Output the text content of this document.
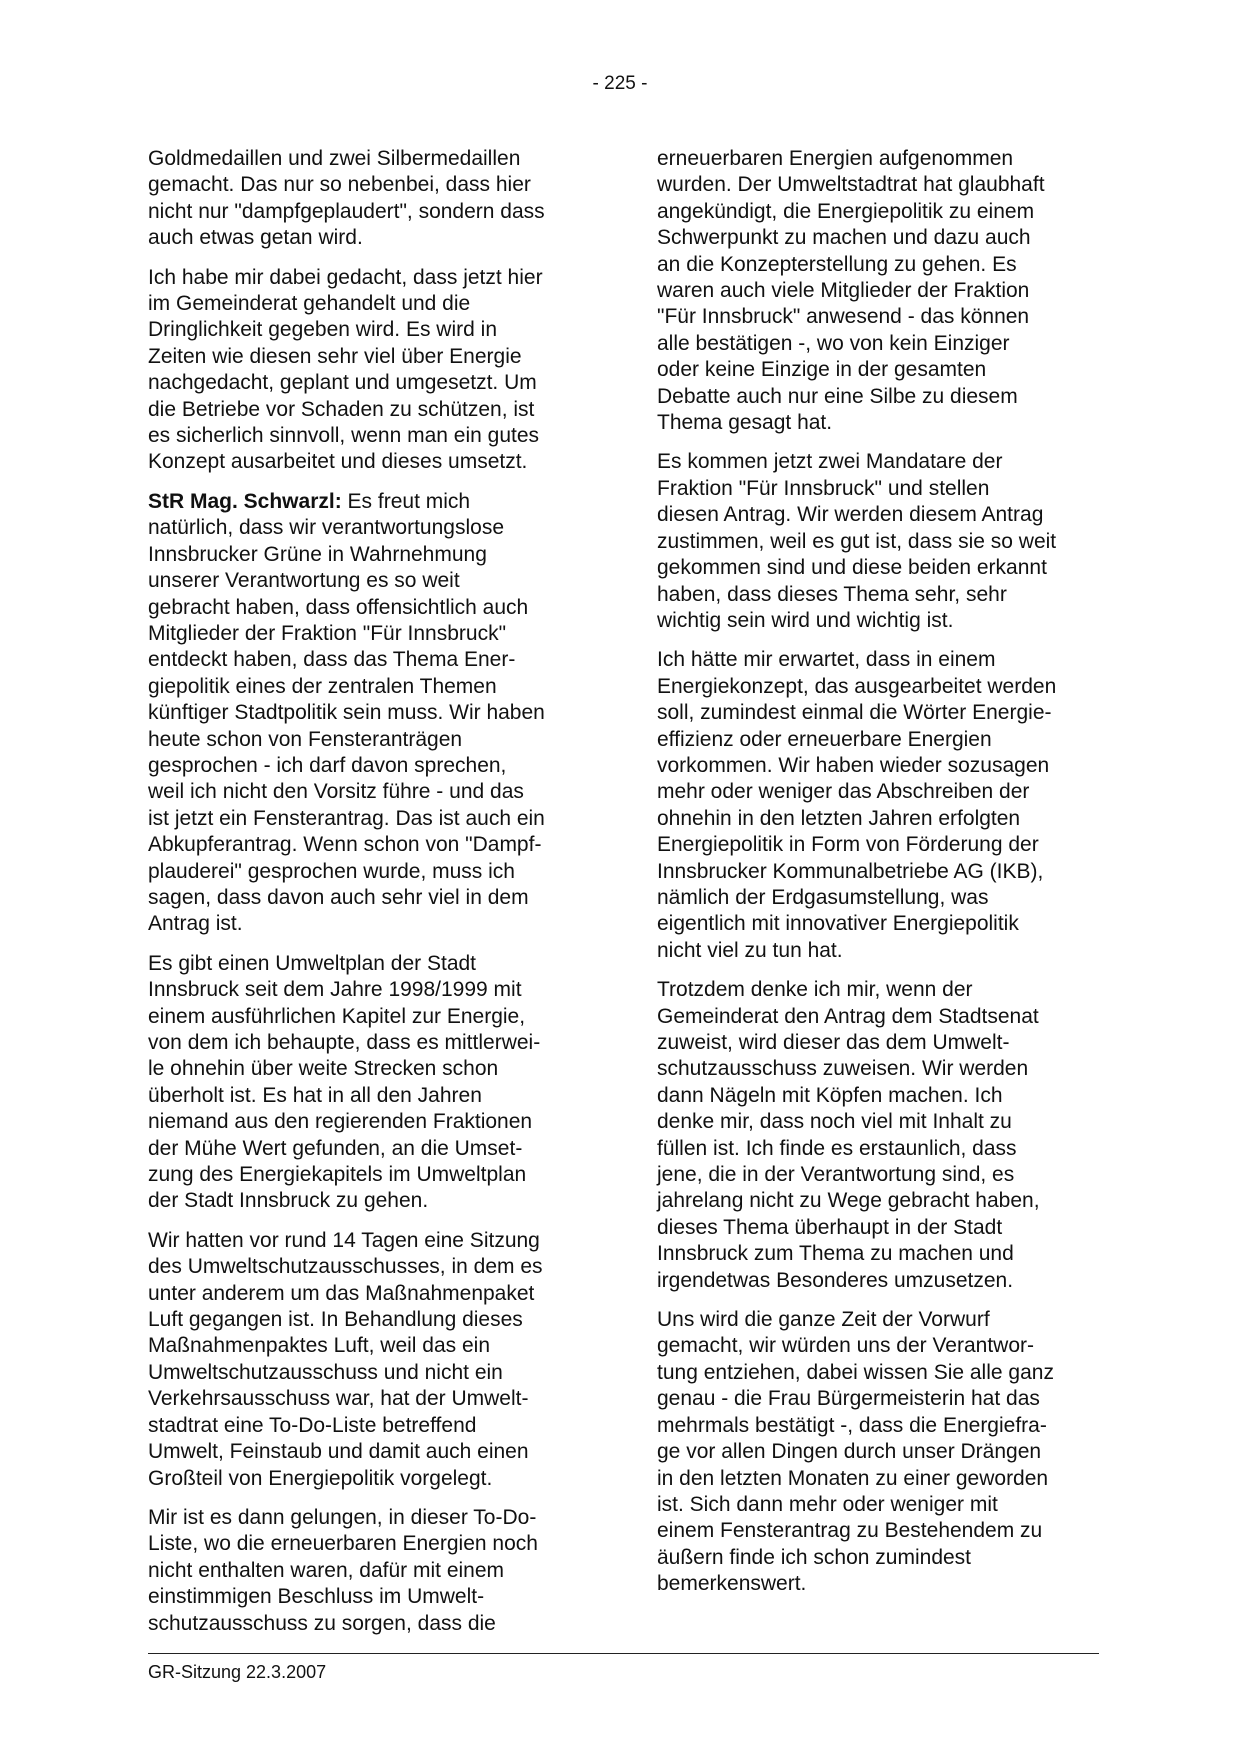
- 225 -

Goldmedaillen und zwei Silbermedaillen
gemacht. Das nur so nebenbei, dass hier
nicht nur "dampfgeplaudert", sondern dass
auch etwas getan wird.

Ich habe mir dabei gedacht, dass jetzt hier
im Gemeinderat gehandelt und die
Dringlichkeit gegeben wird. Es wird in
Zeiten wie diesen sehr viel über Energie
nachgedacht, geplant und umgesetzt. Um
die Betriebe vor Schaden zu schützen, ist
es sicherlich sinnvoll, wenn man ein gutes
Konzept ausarbeitet und dieses umsetzt.

StR Mag. Schwarzl: Es freut mich
natürlich, dass wir verantwortungslose
Innsbrucker Grüne in Wahrnehmung
unserer Verantwortung es so weit
gebracht haben, dass offensichtlich auch
Mitglieder der Fraktion "Für Innsbruck"
entdeckt haben, dass das Thema Ener-
giepolitik eines der zentralen Themen
künftiger Stadtpolitik sein muss. Wir haben
heute schon von Fensteranträgen
gesprochen - ich darf davon sprechen,
weil ich nicht den Vorsitz führe - und das
ist jetzt ein Fensterantrag. Das ist auch ein
Abkupferantrag. Wenn schon von "Dampf-
plauderei" gesprochen wurde, muss ich
sagen, dass davon auch sehr viel in dem
Antrag ist.

Es gibt einen Umweltplan der Stadt
Innsbruck seit dem Jahre 1998/1999 mit
einem ausführlichen Kapitel zur Energie,
von dem ich behaupte, dass es mittlerwei-
le ohnehin über weite Strecken schon
überholt ist. Es hat in all den Jahren
niemand aus den regierenden Fraktionen
der Mühe Wert gefunden, an die Umset-
zung des Energiekapitels im Umweltplan
der Stadt Innsbruck zu gehen.

Wir hatten vor rund 14 Tagen eine Sitzung
des Umweltschutzausschusses, in dem es
unter anderem um das Maßnahmenpaket
Luft gegangen ist. In Behandlung dieses
Maßnahmenpaktes Luft, weil das ein
Umweltschutzausschuss und nicht ein
Verkehrsausschuss war, hat der Umwelt-
stadtrat eine To-Do-Liste betreffend
Umwelt, Feinstaub und damit auch einen
Großteil von Energiepolitik vorgelegt.

Mir ist es dann gelungen, in dieser To-Do-
Liste, wo die erneuerbaren Energien noch
nicht enthalten waren, dafür mit einem
einstimmigen Beschluss im Umwelt-
schutzausschuss zu sorgen, dass die

erneuerbaren Energien aufgenommen
wurden. Der Umweltstadtrat hat glaubhaft
angekündigt, die Energiepolitik zu einem
Schwerpunkt zu machen und dazu auch
an die Konzepterstellung zu gehen. Es
waren auch viele Mitglieder der Fraktion
"Für Innsbruck" anwesend - das können
alle bestätigen -, wo von kein Einziger
oder keine Einzige in der gesamten
Debatte auch nur eine Silbe zu diesem
Thema gesagt hat.

Es kommen jetzt zwei Mandatare der
Fraktion "Für Innsbruck" und stellen
diesen Antrag. Wir werden diesem Antrag
zustimmen, weil es gut ist, dass sie so weit
gekommen sind und diese beiden erkannt
haben, dass dieses Thema sehr, sehr
wichtig sein wird und wichtig ist.

Ich hätte mir erwartet, dass in einem
Energiekonzept, das ausgearbeitet werden
soll, zumindest einmal die Wörter Energie-
effizienz oder erneuerbare Energien
vorkommen. Wir haben wieder sozusagen
mehr oder weniger das Abschreiben der
ohnehin in den letzten Jahren erfolgten
Energiepolitik in Form von Förderung der
Innsbrucker Kommunalbetriebe AG (IKB),
nämlich der Erdgasumstellung, was
eigentlich mit innovativer Energiepolitik
nicht viel zu tun hat.

Trotzdem denke ich mir, wenn der
Gemeinderat den Antrag dem Stadtsenat
zuweist, wird dieser das dem Umwelt-
schutzausschuss zuweisen. Wir werden
dann Nägeln mit Köpfen machen. Ich
denke mir, dass noch viel mit Inhalt zu
füllen ist. Ich finde es erstaunlich, dass
jene, die in der Verantwortung sind, es
jahrelang nicht zu Wege gebracht haben,
dieses Thema überhaupt in der Stadt
Innsbruck zum Thema zu machen und
irgendetwas Besonderes umzusetzen.

Uns wird die ganze Zeit der Vorwurf
gemacht, wir würden uns der Verantwor-
tung entziehen, dabei wissen Sie alle ganz
genau - die Frau Bürgermeisterin hat das
mehrmals bestätigt -, dass die Energiefra-
ge vor allen Dingen durch unser Drängen
in den letzten Monaten zu einer geworden
ist. Sich dann mehr oder weniger mit
einem Fensterantrag zu Bestehendem zu
äußern finde ich schon zumindest
bemerkenswert.

GR-Sitzung 22.3.2007
